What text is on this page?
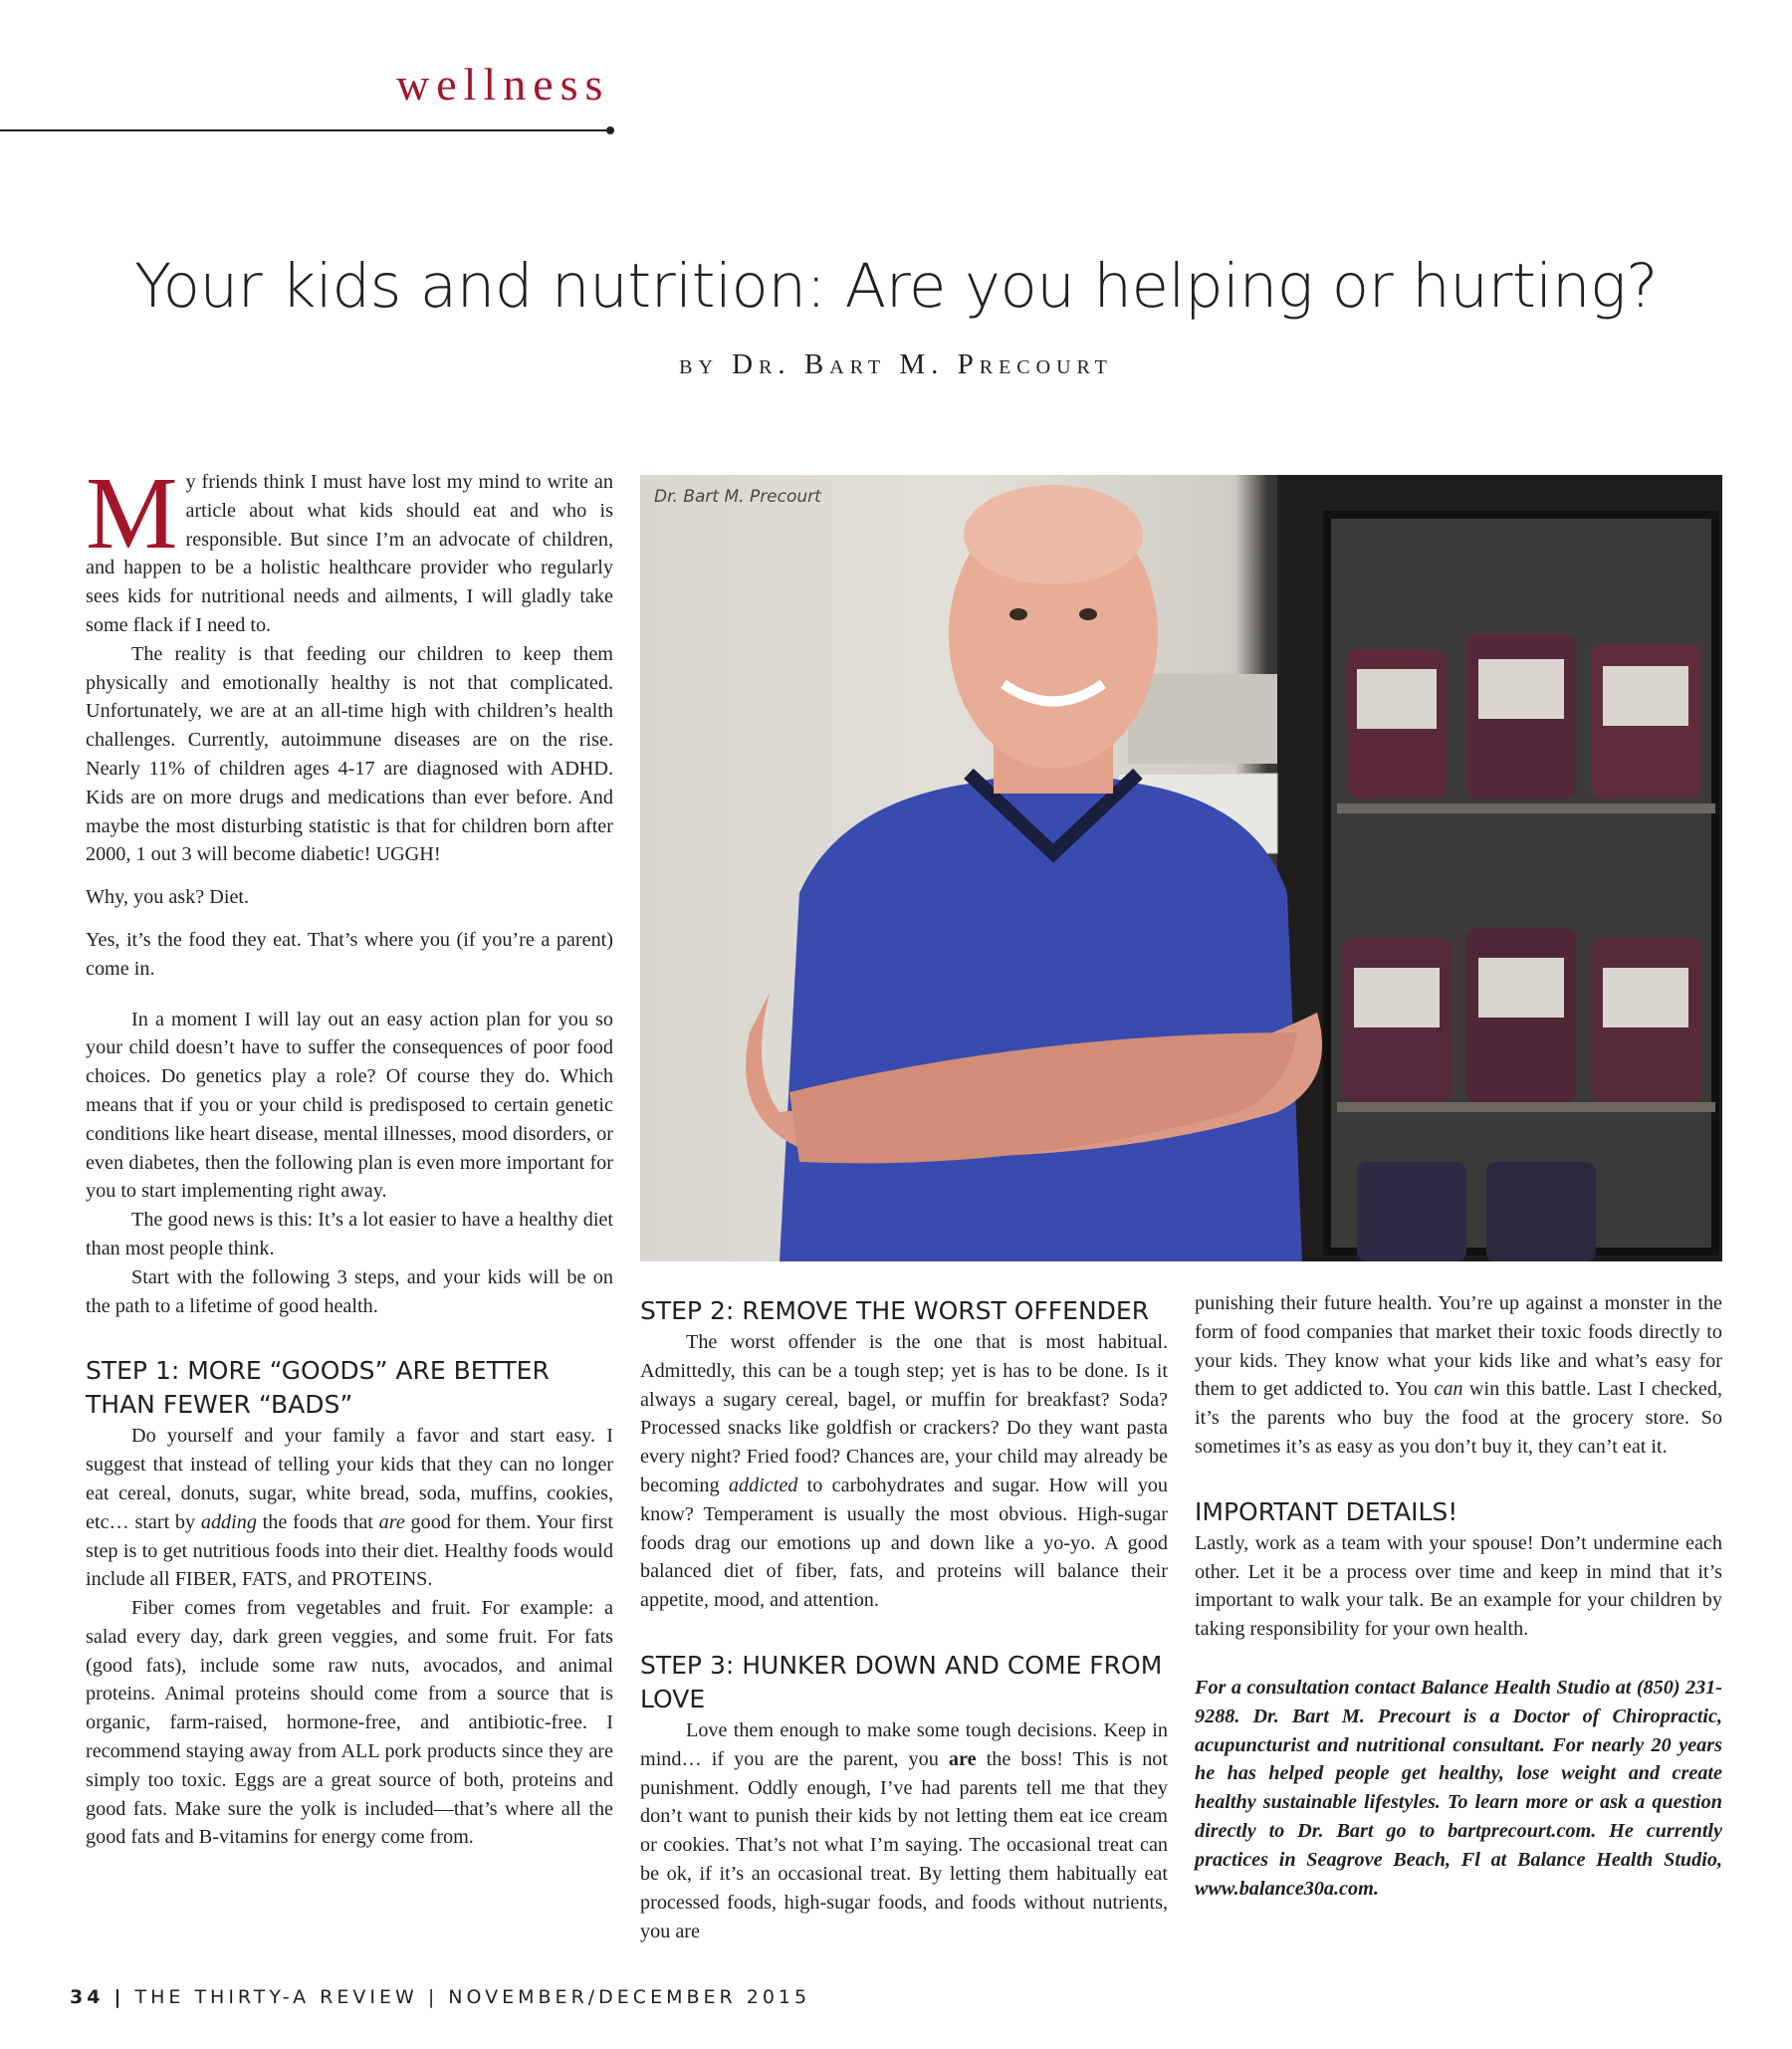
wellness
Your kids and nutrition: Are you helping or hurting?
by Dr. Bart M. Precourt
Dr. Bart M. Precourt

My friends think I must have lost my mind to write an article about what kids should eat and who is responsible. But since I’m an advocate of children, and happen to be a holistic healthcare provider who regularly sees kids for nutritional needs and ailments, I will gladly take some flack if I need to.

The reality is that feeding our children to keep them physically and emotionally healthy is not that complicated. Unfortunately, we are at an all-time high with children’s health challenges. Currently, autoimmune diseases are on the rise. Nearly 11% of children ages 4-17 are diagnosed with ADHD. Kids are on more drugs and medications than ever before. And maybe the most disturbing statistic is that for children born after 2000, 1 out 3 will become diabetic! UGGH!

Why, you ask? Diet.

Yes, it’s the food they eat. That’s where you (if you’re a parent) come in.

In a moment I will lay out an easy action plan for you so your child doesn’t have to suffer the consequences of poor food choices. Do genetics play a role? Of course they do. Which means that if you or your child is predisposed to certain genetic conditions like heart disease, mental illnesses, mood disorders, or even diabetes, then the following plan is even more important for you to start implementing right away.

The good news is this: It’s a lot easier to have a healthy diet than most people think.

Start with the following 3 steps, and your kids will be on the path to a lifetime of good health.

STEP 1: MORE “GOODS” ARE BETTER THAN FEWER “BADS”

Do yourself and your family a favor and start easy. I suggest that instead of telling your kids that they can no longer eat cereal, donuts, sugar, white bread, soda, muffins, cookies, etc… start by adding the foods that are good for them. Your first step is to get nutritious foods into their diet. Healthy foods would include all FIBER, FATS, and PROTEINS.

Fiber comes from vegetables and fruit. For example: a salad every day, dark green veggies, and some fruit. For fats (good fats), include some raw nuts, avocados, and animal proteins. Animal proteins should come from a source that is organic, farm-raised, hormone-free, and antibiotic-free. I recommend staying away from ALL pork products since they are simply too toxic. Eggs are a great source of both, proteins and good fats. Make sure the yolk is included—that’s where all the good fats and B-vitamins for energy come from.

STEP 2: REMOVE THE WORST OFFENDER

The worst offender is the one that is most habitual. Admittedly, this can be a tough step; yet is has to be done. Is it always a sugary cereal, bagel, or muffin for breakfast? Soda? Processed snacks like goldfish or crackers? Do they want pasta every night? Fried food? Chances are, your child may already be becoming addicted to carbohydrates and sugar. How will you know? Temperament is usually the most obvious. High-sugar foods drag our emotions up and down like a yo-yo. A good balanced diet of fiber, fats, and proteins will balance their appetite, mood, and attention.

STEP 3: HUNKER DOWN AND COME FROM LOVE

Love them enough to make some tough decisions. Keep in mind… if you are the parent, you are the boss! This is not punishment. Oddly enough, I’ve had parents tell me that they don’t want to punish their kids by not letting them eat ice cream or cookies. That’s not what I’m saying. The occasional treat can be ok, if it’s an occasional treat. By letting them habitually eat processed foods, high-sugar foods, and foods without nutrients, you are

punishing their future health. You’re up against a monster in the form of food companies that market their toxic foods directly to your kids. They know what your kids like and what’s easy for them to get addicted to. You can win this battle. Last I checked, it’s the parents who buy the food at the grocery store. So sometimes it’s as easy as you don’t buy it, they can’t eat it.

IMPORTANT DETAILS!

Lastly, work as a team with your spouse! Don’t undermine each other. Let it be a process over time and keep in mind that it’s important to walk your talk. Be an example for your children by taking responsibility for your own health.

For a consultation contact Balance Health Studio at (850) 231-9288. Dr. Bart M. Precourt is a Doctor of Chiropractic, acupuncturist and nutritional consultant. For nearly 20 years he has helped people get healthy, lose weight and create healthy sustainable lifestyles. To learn more or ask a question directly to Dr. Bart go to bartprecourt.com. He currently practices in Seagrove Beach, Fl at Balance Health Studio, www.balance30a.com.

34 | THE THIRTY-A REVIEW | NOVEMBER/DECEMBER 2015
